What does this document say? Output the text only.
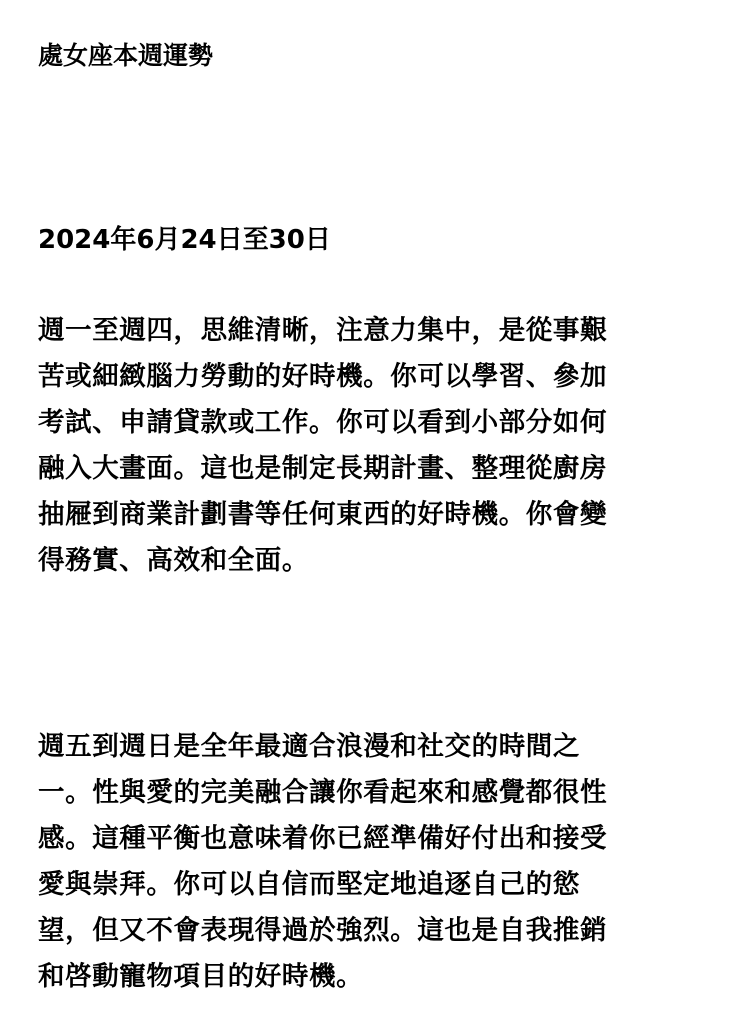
處女座本週運勢
2024年6月24日至30日

週一至週四，思維清晰，注意力集中，是從事艱
苦或細緻腦力勞動的好時機。你可以學習、參加
考試、申請貸款或工作。你可以看到小部分如何
融入大畫面。這也是制定長期計畫、整理從廚房
抽屜到商業計劃書等任何東西的好時機。你會變
得務實、高效和全面。

週五到週日是全年最適合浪漫和社交的時間之
一。性與愛的完美融合讓你看起來和感覺都很性
感。這種平衡也意味着你已經準備好付出和接受
愛與崇拜。你可以自信而堅定地追逐自己的慾
望，但又不會表現得過於強烈。這也是自我推銷
和啓動寵物項目的好時機。
